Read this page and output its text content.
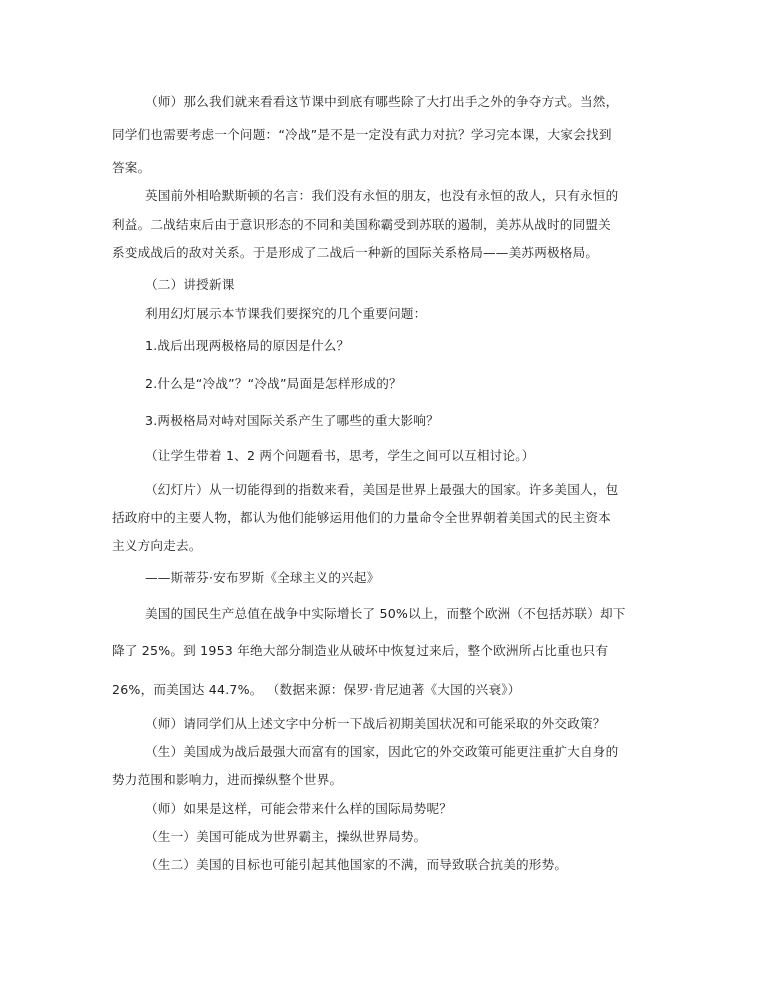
（师）那么我们就来看看这节课中到底有哪些除了大打出手之外的争夺方式。当然，
同学们也需要考虑一个问题：“冷战”是不是一定没有武力对抗？学习完本课，大家会找到
答案。
英国前外相哈默斯顿的名言：我们没有永恒的朋友，也没有永恒的敌人，只有永恒的
利益。二战结束后由于意识形态的不同和美国称霸受到苏联的遏制，美苏从战时的同盟关
系变成战后的敌对关系。于是形成了二战后一种新的国际关系格局——美苏两极格局。
（二）讲授新课
利用幻灯展示本节课我们要探究的几个重要问题：
1.战后出现两极格局的原因是什么？
2.什么是“冷战”？“冷战”局面是怎样形成的？
3.两极格局对峙对国际关系产生了哪些的重大影响？
（让学生带着 1、2 两个问题看书，思考，学生之间可以互相讨论。）
（幻灯片）从一切能得到的指数来看，美国是世界上最强大的国家。许多美国人，包
括政府中的主要人物，都认为他们能够运用他们的力量命令全世界朝着美国式的民主资本
主义方向走去。
——斯蒂芬·安布罗斯《全球主义的兴起》
美国的国民生产总值在战争中实际增长了 50%以上，而整个欧洲（不包括苏联）却下
降了 25%。到 1953 年绝大部分制造业从破坏中恢复过来后，整个欧洲所占比重也只有
26%，而美国达 44.7%。 （数据来源：保罗·肯尼迪著《大国的兴衰》）
（师）请同学们从上述文字中分析一下战后初期美国状况和可能采取的外交政策？
（生）美国成为战后最强大而富有的国家，因此它的外交政策可能更注重扩大自身的
势力范围和影响力，进而操纵整个世界。
（师）如果是这样，可能会带来什么样的国际局势呢？
（生一）美国可能成为世界霸主，操纵世界局势。
（生二）美国的目标也可能引起其他国家的不满，而导致联合抗美的形势。
